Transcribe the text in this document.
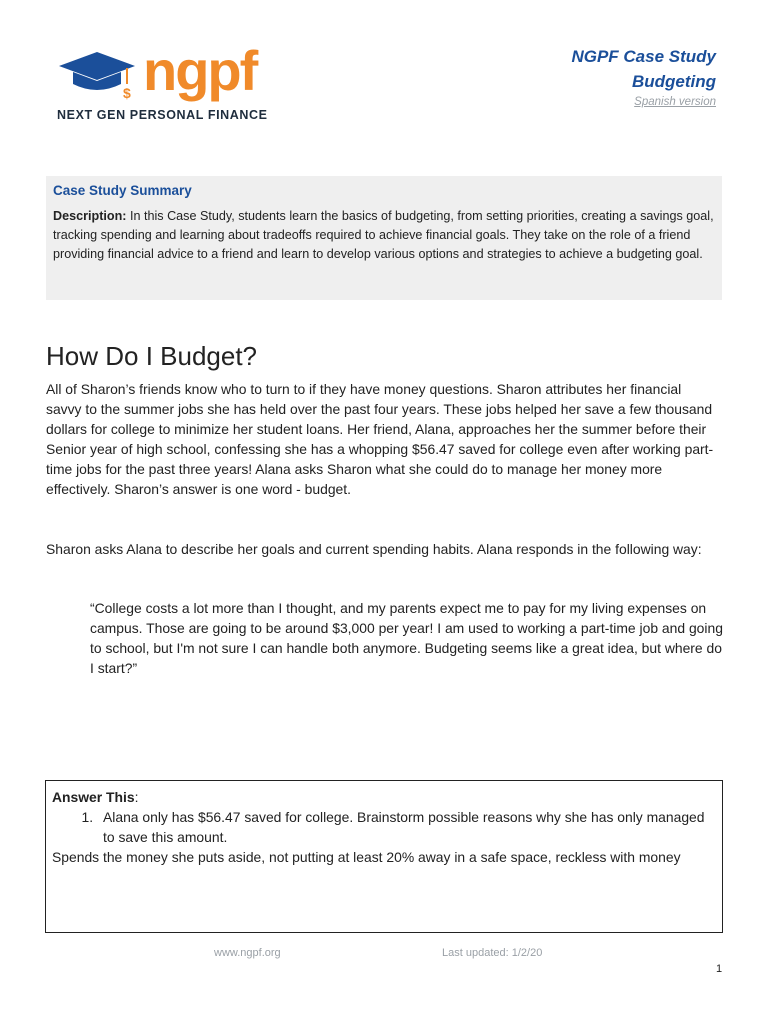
$ ngpf
NEXT GEN PERSONAL FINANCE
NGPF Case Study
Budgeting
Spanish version
Case Study Summary
Description: In this Case Study, students learn the basics of budgeting, from setting priorities, creating a savings goal, tracking spending and learning about tradeoffs required to achieve financial goals. They take on the role of a friend providing financial advice to a friend and learn to develop various options and strategies to achieve a budgeting goal.
How Do I Budget?
All of Sharon’s friends know who to turn to if they have money questions. Sharon attributes her financial savvy to the summer jobs she has held over the past four years. These jobs helped her save a few thousand dollars for college to minimize her student loans. Her friend, Alana, approaches her the summer before their Senior year of high school, confessing she has a whopping $56.47 saved for college even after working part-time jobs for the past three years! Alana asks Sharon what she could do to manage her money more effectively. Sharon’s answer is one word - budget.
Sharon asks Alana to describe her goals and current spending habits. Alana responds in the following way:
“College costs a lot more than I thought, and my parents expect me to pay for my living expenses on campus. Those are going to be around $3,000 per year! I am used to working a part-time job and going to school, but I'm not sure I can handle both anymore. Budgeting seems like a great idea, but where do I start?”
Answer This:
1. Alana only has $56.47 saved for college. Brainstorm possible reasons why she has only managed to save this amount.
Spends the money she puts aside, not putting at least 20% away in a safe space, reckless with money
www.ngpf.org	Last updated: 1/2/20
1
